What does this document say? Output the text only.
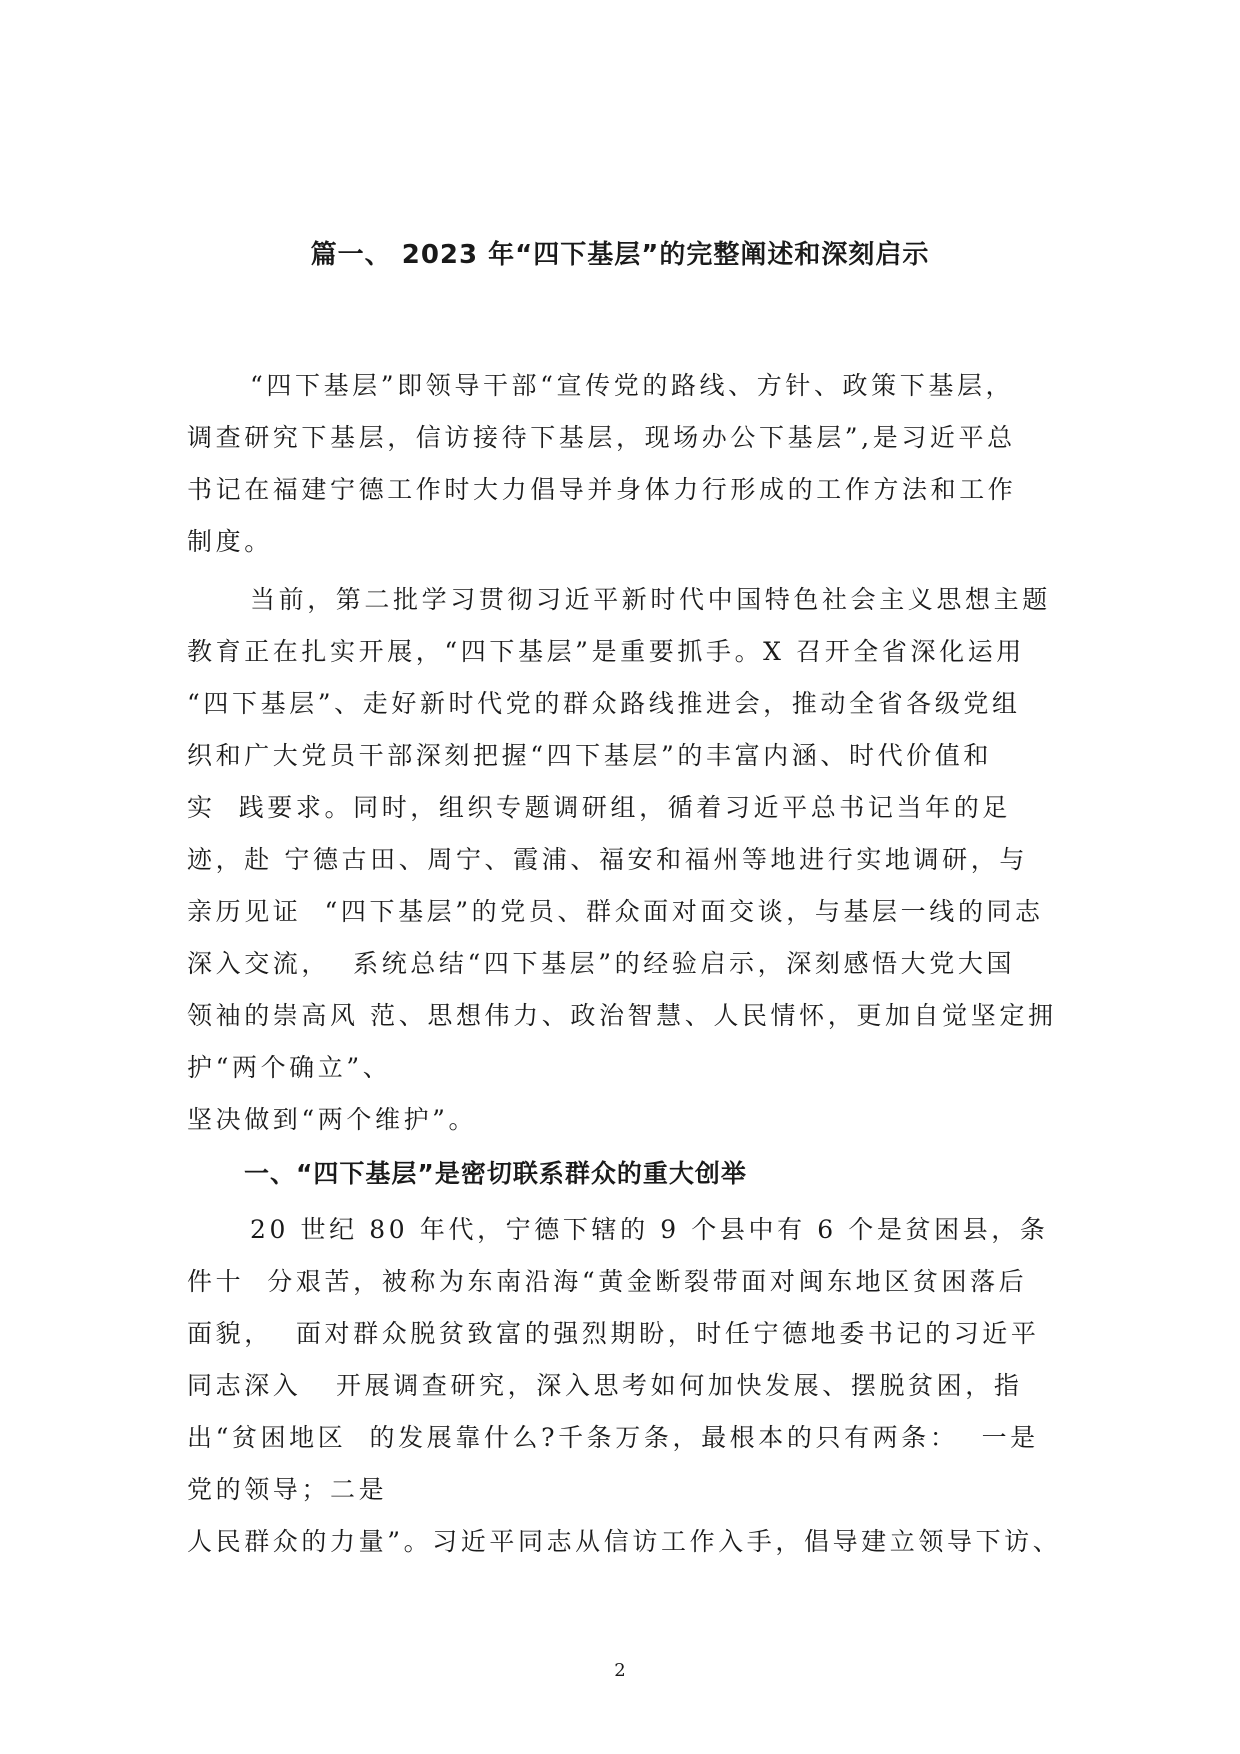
篇一、 2023 年“四下基层”的完整阐述和深刻启示
“四下基层”即领导干部“宣传党的路线、方针、政策下基层，
调查研究下基层，信访接待下基层，现场办公下基层”,是习近平总
书记在福建宁德工作时大力倡导并身体力行形成的工作方法和工作
制度。
当前，第二批学习贯彻习近平新时代中国特色社会主义思想主题
教育正在扎实开展，“四下基层”是重要抓手。X 召开全省深化运用
“四下基层”、走好新时代党的群众路线推进会，推动全省各级党组
织和广大党员干部深刻把握“四下基层”的丰富内涵、时代价值和
实  践要求。同时，组织专题调研组，循着习近平总书记当年的足
迹，赴 宁德古田、周宁、霞浦、福安和福州等地进行实地调研，与
亲历见证  “四下基层”的党员、群众面对面交谈，与基层一线的同志
深入交流，  系统总结“四下基层”的经验启示，深刻感悟大党大国
领袖的崇高风 范、思想伟力、政治智慧、人民情怀，更加自觉坚定拥
护“两个确立”、
坚决做到“两个维护”。
一、“四下基层”是密切联系群众的重大创举
20 世纪 80 年代，宁德下辖的 9 个县中有 6 个是贫困县，条
件十  分艰苦，被称为东南沿海“黄金断裂带面对闽东地区贫困落后
面貌，  面对群众脱贫致富的强烈期盼，时任宁德地委书记的习近平
同志深入   开展调查研究，深入思考如何加快发展、摆脱贫困，指
出“贫困地区  的发展靠什么?千条万条，最根本的只有两条：  一是
党的领导；二是
人民群众的力量”。习近平同志从信访工作入手，倡导建立领导下访、
2
